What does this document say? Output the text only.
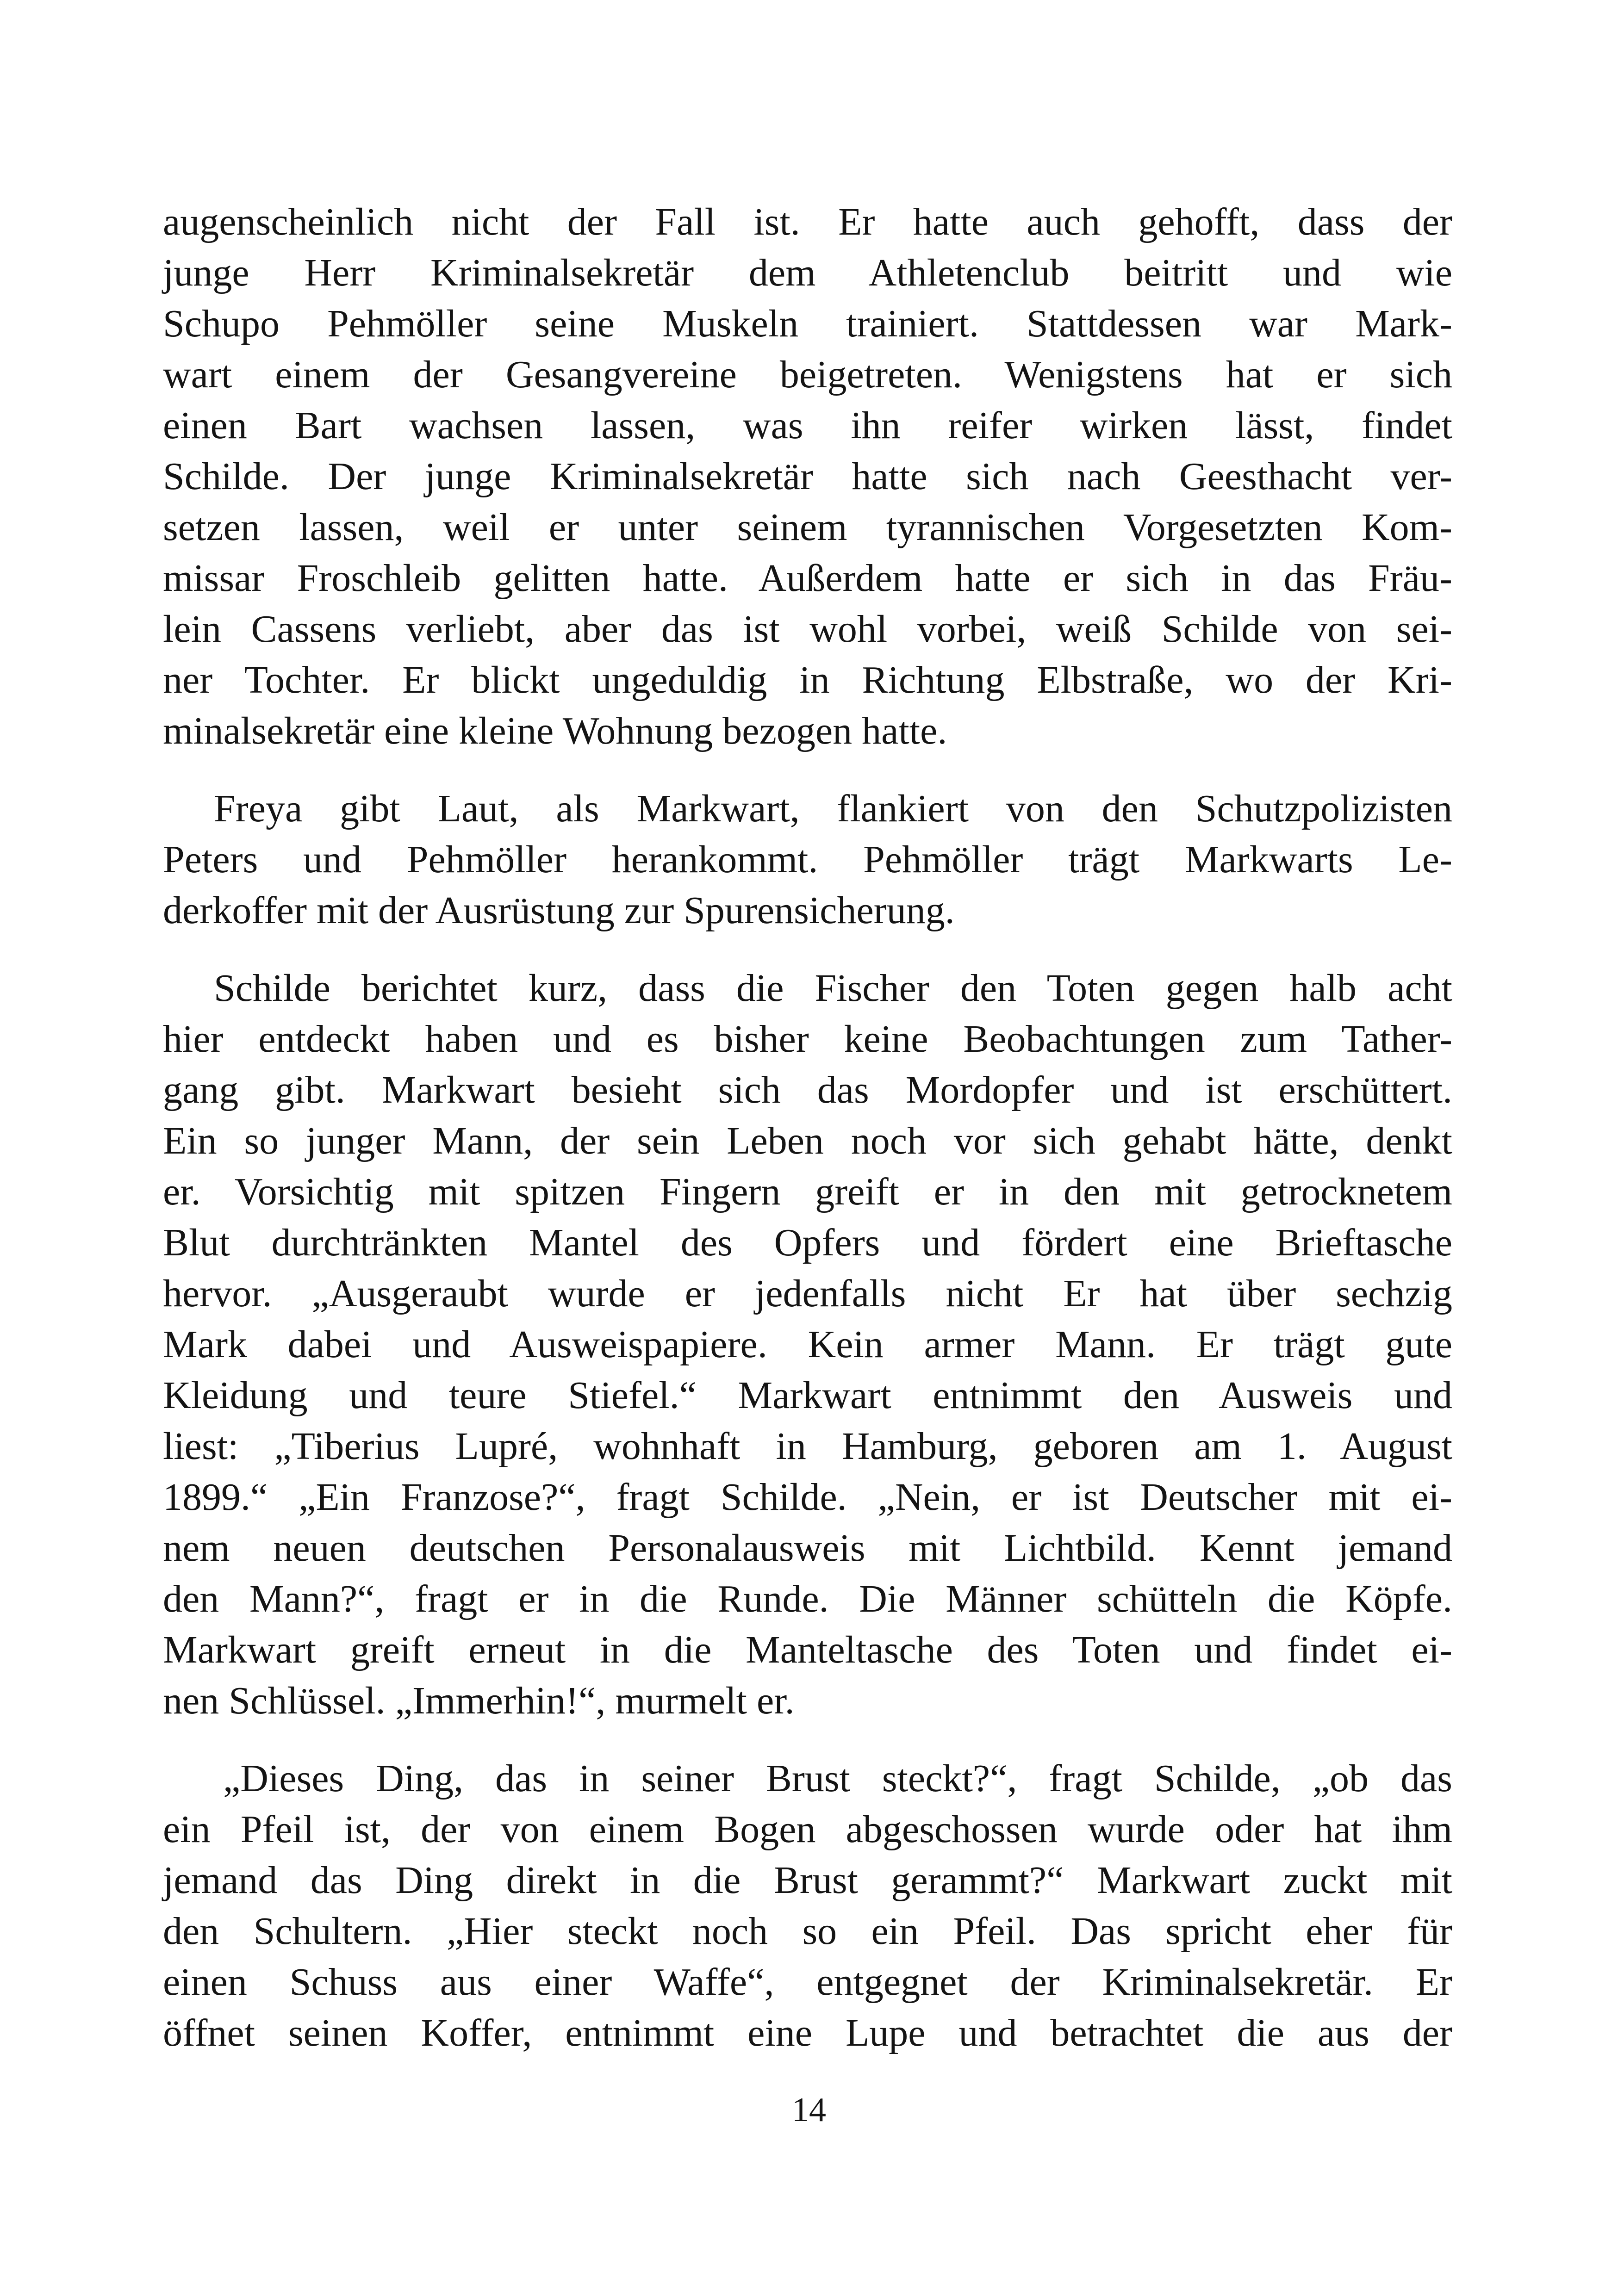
augenscheinlich nicht der Fall ist. Er hatte auch gehofft, dass der
junge Herr Kriminalsekretär dem Athletenclub beitritt und wie
Schupo Pehmöller seine Muskeln trainiert. Stattdessen war Mark-
wart einem der Gesangvereine beigetreten. Wenigstens hat er sich
einen Bart wachsen lassen, was ihn reifer wirken lässt, findet
Schilde. Der junge Kriminalsekretär hatte sich nach Geesthacht ver-
setzen lassen, weil er unter seinem tyrannischen Vorgesetzten Kom-
missar Froschleib gelitten hatte. Außerdem hatte er sich in das Fräu-
lein Cassens verliebt, aber das ist wohl vorbei, weiß Schilde von sei-
ner Tochter. Er blickt ungeduldig in Richtung Elbstraße, wo der Kri-
minalsekretär eine kleine Wohnung bezogen hatte.
Freya gibt Laut, als Markwart, flankiert von den Schutzpolizisten
Peters und Pehmöller herankommt. Pehmöller trägt Markwarts Le-
derkoffer mit der Ausrüstung zur Spurensicherung.
Schilde berichtet kurz, dass die Fischer den Toten gegen halb acht
hier entdeckt haben und es bisher keine Beobachtungen zum Tather-
gang gibt. Markwart besieht sich das Mordopfer und ist erschüttert.
Ein so junger Mann, der sein Leben noch vor sich gehabt hätte, denkt
er. Vorsichtig mit spitzen Fingern greift er in den mit getrocknetem
Blut durchtränkten Mantel des Opfers und fördert eine Brieftasche
hervor. „Ausgeraubt wurde er jedenfalls nicht Er hat über sechzig
Mark dabei und Ausweispapiere. Kein armer Mann. Er trägt gute
Kleidung und teure Stiefel.“ Markwart entnimmt den Ausweis und
liest: „Tiberius Lupré, wohnhaft in Hamburg, geboren am 1. August
1899.“ „Ein Franzose?“, fragt Schilde. „Nein, er ist Deutscher mit ei-
nem neuen deutschen Personalausweis mit Lichtbild. Kennt jemand
den Mann?“, fragt er in die Runde. Die Männer schütteln die Köpfe.
Markwart greift erneut in die Manteltasche des Toten und findet ei-
nen Schlüssel. „Immerhin!“, murmelt er.
„Dieses Ding, das in seiner Brust steckt?“, fragt Schilde, „ob das
ein Pfeil ist, der von einem Bogen abgeschossen wurde oder hat ihm
jemand das Ding direkt in die Brust gerammt?“ Markwart zuckt mit
den Schultern. „Hier steckt noch so ein Pfeil. Das spricht eher für
einen Schuss aus einer Waffe“, entgegnet der Kriminalsekretär. Er
öffnet seinen Koffer, entnimmt eine Lupe und betrachtet die aus der
14
